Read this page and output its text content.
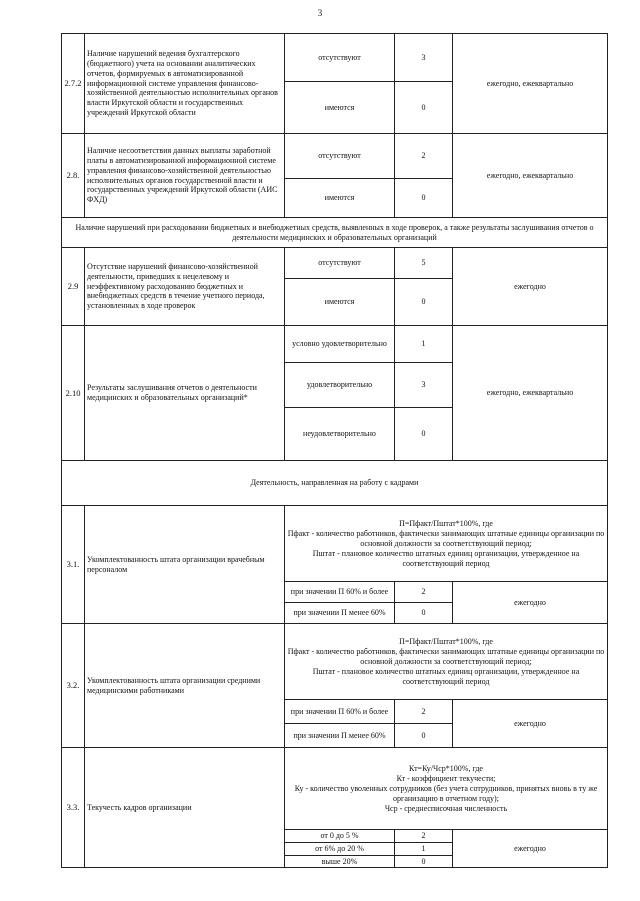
3
2.7.2	Наличие нарушений ведения бухгалтерского (бюджетного) учета на основании аналитических отчетов, формируемых в автоматизированной информационной системе управления финансово-хозяйственной деятельностью исполнительных органов власти Иркутской области и государственных учреждений Иркутской области	отсутствуют	3	ежегодно, ежеквартально
		имеются	0	
2.8.	Наличие несоответствия данных выплаты заработной платы в автоматизированной информационной системе управления финансово-хозяйственной деятельностью исполнительных органов государственной власти и государственных учреждений Иркутской области (АИС ФХД)	отсутствуют	2	ежегодно, ежеквартально
		имеются	0	
Наличие нарушений при расходовании бюджетных и внебюджетных средств, выявленных в ходе проверок, а также результаты заслушивания отчетов о деятельности медицинских и образовательных организаций				
2.9	Отсутствие нарушений финансово-хозяйственной деятельности, приведших к нецелевому и неэффективному расходованию бюджетных и внебюджетных средств в течение учетного периода, установленных в ходе проверок	отсутствуют	5	ежегодно
		имеются	0	
2.10	Результаты заслушивания отчетов о деятельности медицинских и образовательных организаций*	условно удовлетворительно	1	ежегодно, ежеквартально
		удовлетворительно	3	
		неудовлетворительно	0	
Деятельность, направленная на работу с кадрами				
3.1.	Укомплектованность штата организации врачебным персоналом	П=Пфакт/Пштат*100%, где
Пфакт - количество работников, фактически занимающих штатные единицы организации по основной должности за соответствующий период;
Пштат - плановое количество штатных единиц организации, утвержденное на соответствующий период		

		при значении П 60% и более	2	ежегодно
		при значении П менее 60%	0	
3.2.	Укомплектованность штата организации средними медицинскими работниками	П=Пфакт/Пштат*100%, где
Пфакт - количество работников, фактически занимающих штатные единицы организации по основной должности за соответствующий период;
Пштат - плановое количество штатных единиц организации, утвержденное на соответствующий период		

		при значении П 60% и более	2	ежегодно
		при значении П менее 60%	0	
3.3.	Текучесть кадров организации	Кт=Ку/Чср*100%, где
Кт - коэффициент текучести;
Ку - количество уволенных сотрудников (без учета сотрудников, принятых вновь в ту же организацию в отчетном году);
Чср - среднесписочная численность		

		от 0 до 5 %	2	ежегодно
		от 6% до 20 %	1	
		выше 20%	0	
